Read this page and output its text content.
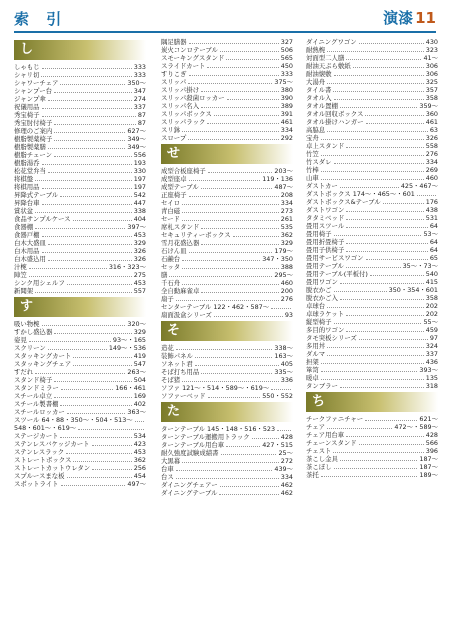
索 引	演漆 11
し
しゃもじ	333
シャリ切	333
シャワーチェア	350〜
シャンプー台	347
ジャンプ傘	274
祝儀用品	337
秀宝椅子	87
秀宝肘付椅子	87
修理のご案内	627〜
樹脂製薬椅子	349〜
樹脂製薬膳	349〜
樹脂チェーン	556
樹脂湯呑	193
松花堂弁当	330
将棋盤	197
将棋用品	197
昇降式テーブル	542
昇降台車	447
賞状盆	338
食品サンプルケース	404
食器棚	397〜
食器戸棚	453
白木大盛皿	329
白木用品	326
白木盛込用	326
汁椀	316・323〜
陣笠	275
シンク用シェルフ	453
新聞架	557
す
吸い物椀	320〜
すかし盛込器	329
姿見	93〜・165
スクリーン	149〜・536
スタッキングカート	419
スタッキングチェア	547
すだれ	263〜
スタンド椅子	504
スタンドミラー	166・461
スチール卓立	169
スチール製書棚	402
スチールロッカー	363〜
スツール 64・88・350〜・504・513〜
548・601〜・619〜
ステージカート	534
ステンレスバケッジカート	423
ステンレスラック	453
ストレートボックス	362
ストレートカットウレタン	256
スプルースまな板	454
スポットライト	497〜
隅足膳器	327
炭火コンロテーブル	506
スモーキングスタンド	565
スライドカート	450
すりこぎ	333
スリッパ	375〜
スリッパ掛け	380
スリッパ殺菌ロッカー	390
スリッパ名入	389
スリッパボックス	391
スリッパラック	461
スリ鉢	334
スロープ	292
せ
成型合板座椅子	203〜
成型座卓	119・136
成型テーブル	487〜
正座椅子	208
セイロ	334
青白磁	273
セード	261
席札スタンド	535
セキュリティーボックス	362
雪月花盛込器	329
石けん皿	179〜
石鹸台	347・350
セッタ	388
膳	295〜
千石舟	460
全自動麻雀卓	200
扇子	276
センターテーブル 122・462・587〜
扇面汲盒シリーズ	93
そ
造花	338〜
装飾パネル	163〜
ソネット君	405
そば打ち用品	335〜
そば猪	336
ソファ 121〜・514・589〜・619〜
ソファーベッド	550・552
た
ターンテーブル 145・148・516・523
ターンテーブル運搬用トラック	428
ターンテーブル用台車	427・515
耐久強度試験成績書	25〜
大黒幕	272
台車	439〜
台ス	334
ダイニングチェアー	462
ダイニングテーブル	462
ダイニングワゴン	430
耐熱椀	323
対面型二人膳	41〜
耐油天ぷら敷紙	306
耐油懐敷	306
大湯舟	325
タイル書	357
タオル入	358
タオル置棚	359〜
タオル回収ボックス	360
タオル掛けハンガー	461
高脇息	63
宝舟	326
卓上スタンド	558
竹笠	276
竹スダレ	334
竹棒	269
山車	460
ダストカー	425・467〜
ダストボックス 174〜・465〜・601
ダストボックス&テーブル	176
ダストワゴン	438
タタミベッド	531
畳用スツール	64
畳用椅子	53〜
畳用折畳椅子	64
畳用子供椅子	64
畳用サービスワゴン	65
畳用テーブル	35〜・73〜
畳用テーブル(平板付)	540
畳用ワゴン	415
脱衣かご	350・354・601
脱衣かご入	358
卓球台	202
卓球ラケット	202
縦型椅子	55〜
多目的ワゴン	459
タモ突板シリーズ	97
多用丼	324
ダルマ	337
担架	436
箪笥	393〜
暖卓	135
タンブラー	318
ち
チークファニチャー	621〜
チェア	472〜・589〜
チェア用台車	428
チェーンスタンド	566
チェスト	396
茶こし金具	187〜
茶こぼし	187〜
茶托	189〜
